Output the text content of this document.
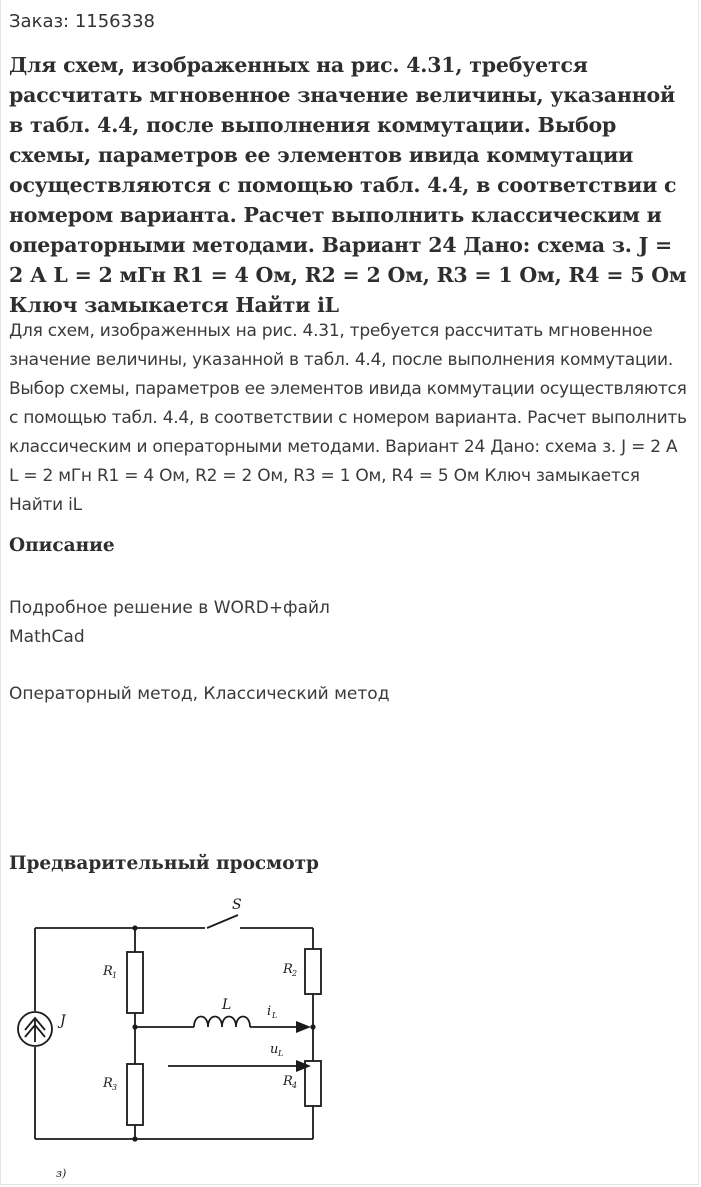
Заказ: 1156338
Для схем, изображенных на рис. 4.31, требуется рассчитать мгновенное значение величины, указанной в табл. 4.4, после выполнения коммутации. Выбор схемы, параметров ее элементов ивида коммутации осуществляются с помощью табл. 4.4, в соответствии с номером варианта. Расчет выполнить классическим и операторными методами. Вариант 24 Дано: схема з. J = 2 А L = 2 мГн R1 = 4 Ом, R2 = 2 Ом, R3 = 1 Ом, R4 = 5 Ом Ключ замыкается Найти iL

Для схем, изображенных на рис. 4.31, требуется рассчитать мгновенное значение величины, указанной в табл. 4.4, после выполнения коммутации. Выбор схемы, параметров ее элементов ивида коммутации осуществляются с помощью табл. 4.4, в соответствии с номером варианта. Расчет выполнить классическим и операторными методами. Вариант 24 Дано: схема з. J = 2 А L = 2 мГн R1 = 4 Ом, R2 = 2 Ом, R3 = 1 Ом, R4 = 5 Ом Ключ замыкается Найти iL

Описание
Подробное решение в WORD+файл
MathCad
Операторный метод, Классический метод
Предварительный просмотр
S
J
R 1
R 3
R 2
R 4
L	i L
u L
з)
